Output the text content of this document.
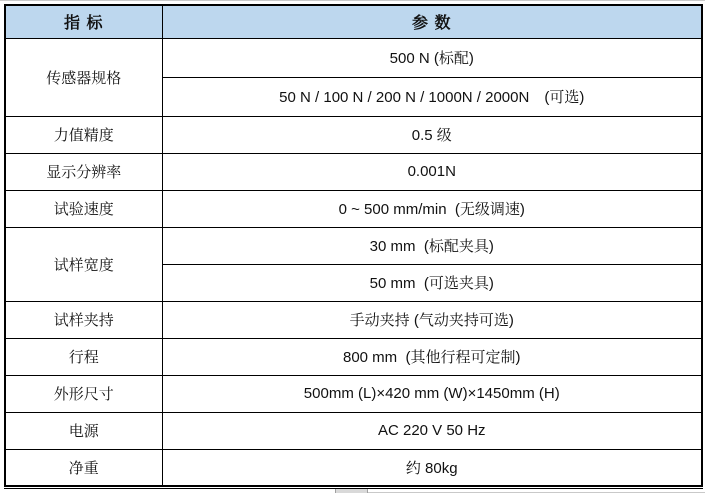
指 标	参 数
传感器规格	500 N (标配)
	50 N / 100 N / 200 N / 1000N / 2000N　(可选)
力值精度	0.5 级
显示分辨率	0.001N
试验速度	0 ~ 500 mm/min  (无级调速)
试样宽度	30 mm  (标配夹具)
	50 mm  (可选夹具)
试样夹持	手动夹持 (气动夹持可选)
行程	800 mm  (其他行程可定制)
外形尺寸	500mm (L)×420 mm (W)×1450mm (H)
电源	AC 220 V 50 Hz
净重	约 80kg
